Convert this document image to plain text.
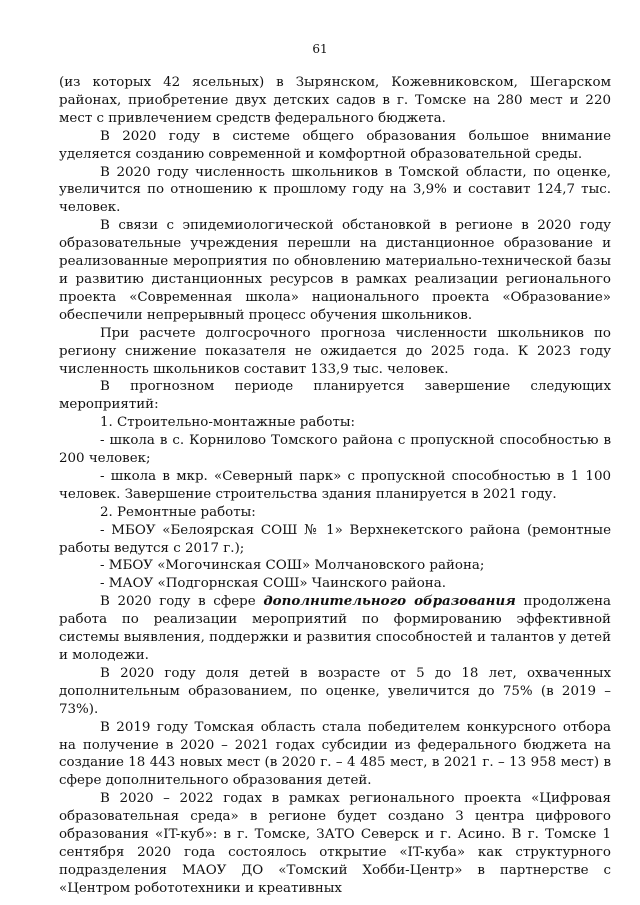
61

(из которых 42 ясельных) в Зырянском, Кожевниковском, Шегарском районах, приобретение двух детских садов в г. Томске на 280 мест и 220 мест с привлечением средств федерального бюджета.

В 2020 году в системе общего образования большое внимание уделяется созданию современной и комфортной образовательной среды.

В 2020 году численность школьников в Томской области, по оценке, увеличится по отношению к прошлому году на 3,9% и составит 124,7 тыс. человек.

В связи с эпидемиологической обстановкой в регионе в 2020 году образовательные учреждения перешли на дистанционное образование и реализованные мероприятия по обновлению материально-технической базы и развитию дистанционных ресурсов в рамках реализации регионального проекта «Современная школа» национального проекта «Образование» обеспечили непрерывный процесс обучения школьников.

При расчете долгосрочного прогноза численности школьников по региону снижение показателя не ожидается до 2025 года. К 2023 году численность школьников составит 133,9 тыс. человек.

В прогнозном периоде планируется завершение следующих мероприятий:

1. Строительно-монтажные работы:

- школа в с. Корнилово Томского района с пропускной способностью в 200 человек;

- школа в мкр. «Северный парк» с пропускной способностью в 1 100 человек. Завершение строительства здания планируется в 2021 году.

2. Ремонтные работы:

- МБОУ «Белоярская СОШ № 1» Верхнекетского района (ремонтные работы ведутся с 2017 г.);

- МБОУ «Могочинская СОШ» Молчановского района;

- МАОУ «Подгорнская СОШ» Чаинского района.

В 2020 году в сфере дополнительного образования продолжена работа по реализации мероприятий по формированию эффективной системы выявления, поддержки и развития способностей и талантов у детей и молодежи.

В 2020 году доля детей в возрасте от 5 до 18 лет, охваченных дополнительным образованием, по оценке, увеличится до 75% (в 2019 – 73%).

В 2019 году Томская область стала победителем конкурсного отбора на получение в 2020 – 2021 годах субсидии из федерального бюджета на создание 18 443 новых мест (в 2020 г. – 4 485 мест, в 2021 г. – 13 958 мест) в сфере дополнительного образования детей.

В 2020 – 2022 годах в рамках регионального проекта «Цифровая образовательная среда» в регионе будет создано 3 центра цифрового образования «IT-куб»: в г. Томске, ЗАТО Северск и г. Асино. В г. Томске 1 сентября 2020 года состоялось открытие «IT-куба» как структурного подразделения МАОУ ДО «Томский Хобби-Центр» в партнерстве с «Центром робототехники и креативных
